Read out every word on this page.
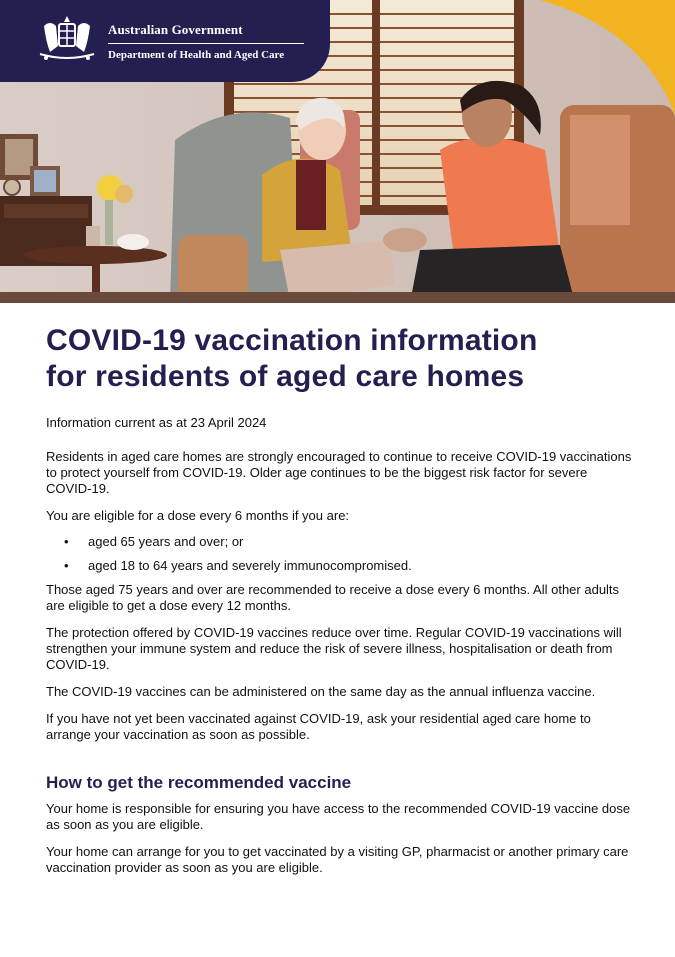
Australian Government
Department of Health and Aged Care
COVID-19 vaccination information
for residents of aged care homes
Information current as at 23 April 2024

Residents in aged care homes are strongly encouraged to continue to receive COVID-19 vaccinations to protect yourself from COVID-19. Older age continues to be the biggest risk factor for severe COVID-19.

You are eligible for a dose every 6 months if you are:

• aged 65 years and over; or
• aged 18 to 64 years and severely immunocompromised.

Those aged 75 years and over are recommended to receive a dose every 6 months. All other adults are eligible to get a dose every 12 months.

The protection offered by COVID-19 vaccines reduce over time. Regular COVID-19 vaccinations will strengthen your immune system and reduce the risk of severe illness, hospitalisation or death from COVID-19.

The COVID-19 vaccines can be administered on the same day as the annual influenza vaccine.

If you have not yet been vaccinated against COVID-19, ask your residential aged care home to arrange your vaccination as soon as possible.

How to get the recommended vaccine

Your home is responsible for ensuring you have access to the recommended COVID-19 vaccine dose as soon as you are eligible.

Your home can arrange for you to get vaccinated by a visiting GP, pharmacist or another primary care vaccination provider as soon as you are eligible.
